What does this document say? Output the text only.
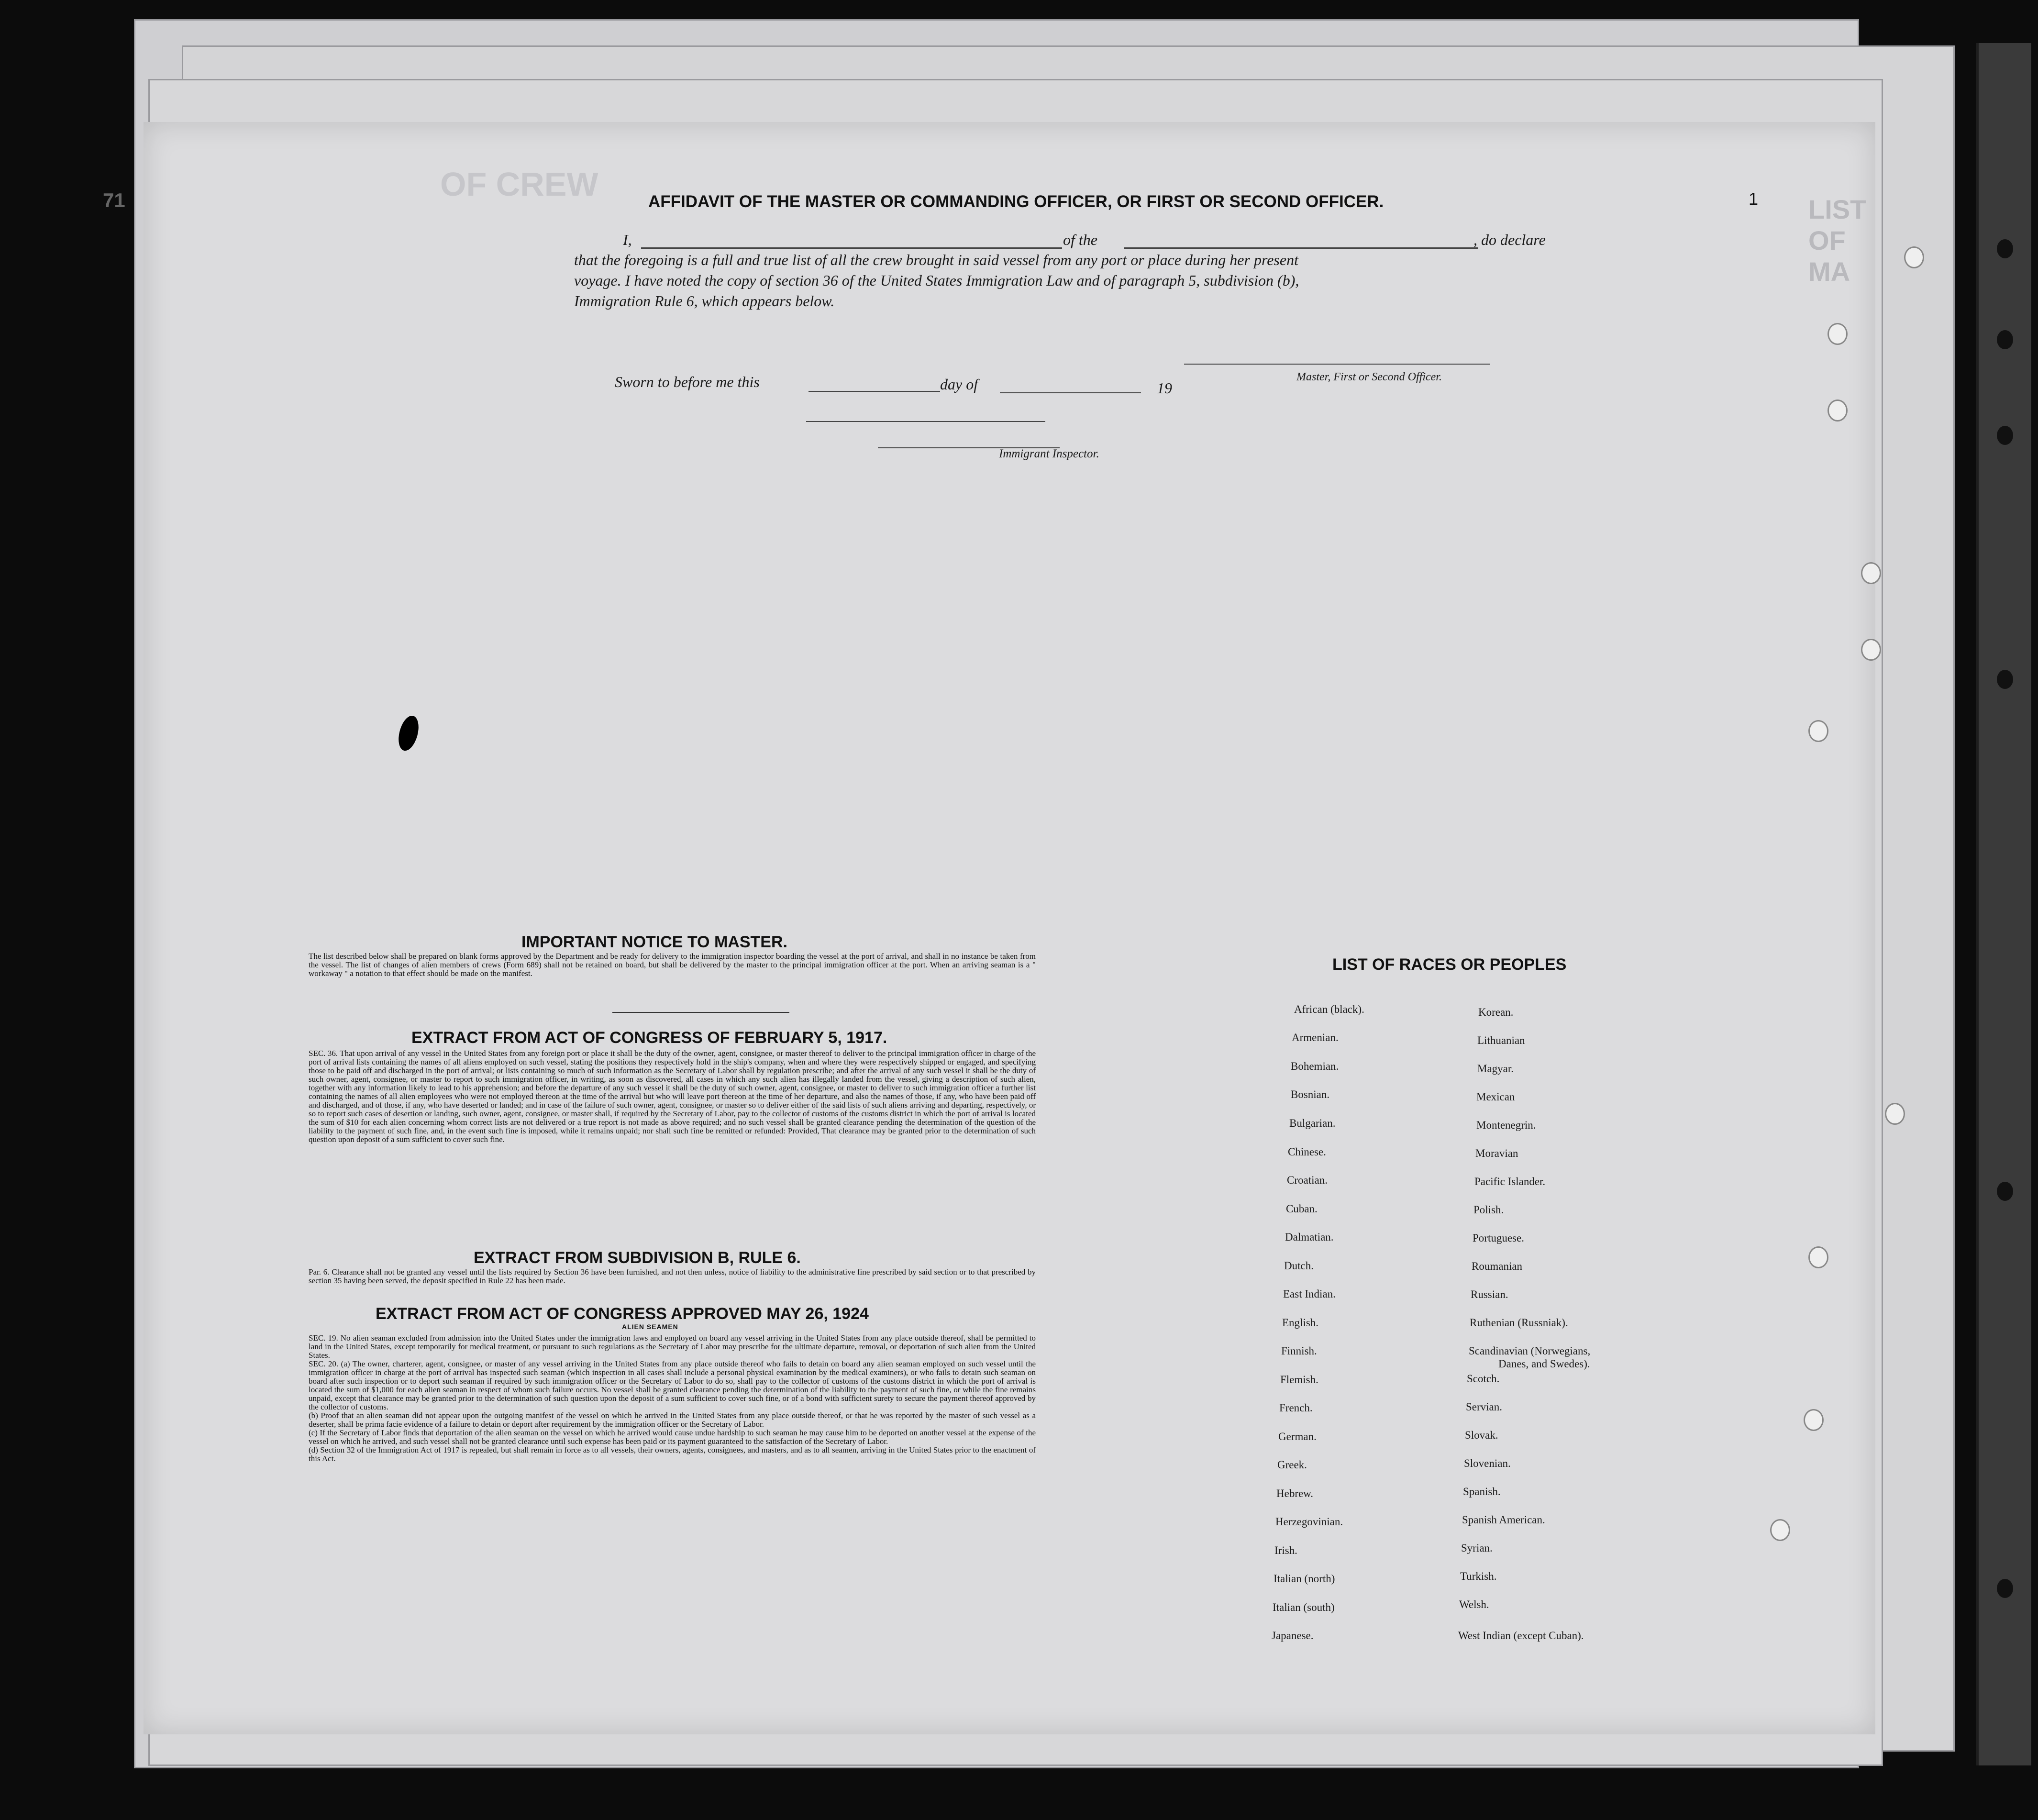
OF CREW
LIST OF MA
71	1
AFFIDAVIT OF THE MASTER OR COMMANDING OFFICER, OR FIRST OR SECOND OFFICER.
I,	of the	, do declare
that the foregoing is a full and true list of all the crew brought in said vessel from any port or place during her present
voyage. I have noted the copy of section 36 of the United States Immigration Law and of paragraph 5, subdivision (b),
Immigration Rule 6, which appears below.
Master, First or Second Officer.
Sworn to before me this	day of	19
Immigrant Inspector.
IMPORTANT NOTICE TO MASTER.

The list described below shall be prepared on blank forms approved by the Department and be ready for delivery to the immigration inspector boarding the vessel at the port of arrival, and shall in no instance be taken from the vessel. The list of changes of alien members of crews (Form 689) shall not be retained on board, but shall be delivered by the master to the principal immigration officer at the port. When an arriving seaman is a " workaway " a notation to that effect should be made on the manifest.

EXTRACT FROM ACT OF CONGRESS OF FEBRUARY 5, 1917.

SEC. 36. That upon arrival of any vessel in the United States from any foreign port or place it shall be the duty of the owner, agent, consignee, or master thereof to deliver to the principal immigration officer in charge of the port of arrival lists containing the names of all aliens employed on such vessel, stating the positions they respectively hold in the ship's company, when and where they were respectively shipped or engaged, and specifying those to be paid off and discharged in the port of arrival; or lists containing so much of such information as the Secretary of Labor shall by regulation prescribe; and after the arrival of any such vessel it shall be the duty of such owner, agent, consignee, or master to report to such immigration officer, in writing, as soon as discovered, all cases in which any such alien has illegally landed from the vessel, giving a description of such alien, together with any information likely to lead to his apprehension; and before the departure of any such vessel it shall be the duty of such owner, agent, consignee, or master to deliver to such immigration officer a further list containing the names of all alien employees who were not employed thereon at the time of the arrival but who will leave port thereon at the time of her departure, and also the names of those, if any, who have been paid off and discharged, and of those, if any, who have deserted or landed; and in case of the failure of such owner, agent, consignee, or master so to deliver either of the said lists of such aliens arriving and departing, respectively, or so to report such cases of desertion or landing, such owner, agent, consignee, or master shall, if required by the Secretary of Labor, pay to the collector of customs of the customs district in which the port of arrival is located the sum of $10 for each alien concerning whom correct lists are not delivered or a true report is not made as above required; and no such vessel shall be granted clearance pending the determination of the question of the liability to the payment of such fine, and, in the event such fine is imposed, while it remains unpaid; nor shall such fine be remitted or refunded: Provided, That clearance may be granted prior to the determination of such question upon deposit of a sum sufficient to cover such fine.

EXTRACT FROM SUBDIVISION B, RULE 6.

Par. 6. Clearance shall not be granted any vessel until the lists required by Section 36 have been furnished, and not then unless, notice of liability to the administrative fine prescribed by said section or to that prescribed by section 35 having been served, the deposit specified in Rule 22 has been made.

EXTRACT FROM ACT OF CONGRESS APPROVED MAY 26, 1924
ALIEN SEAMEN

SEC. 19. No alien seaman excluded from admission into the United States under the immigration laws and employed on board any vessel arriving in the United States from any place outside thereof, shall be permitted to land in the United States, except temporarily for medical treatment, or pursuant to such regulations as the Secretary of Labor may prescribe for the ultimate departure, removal, or deportation of such alien from the United States.

SEC. 20. (a) The owner, charterer, agent, consignee, or master of any vessel arriving in the United States from any place outside thereof who fails to detain on board any alien seaman employed on such vessel until the immigration officer in charge at the port of arrival has inspected such seaman (which inspection in all cases shall include a personal physical examination by the medical examiners), or who fails to detain such seaman on board after such inspection or to deport such seaman if required by such immigration officer or the Secretary of Labor to do so, shall pay to the collector of customs of the customs district in which the port of arrival is located the sum of $1,000 for each alien seaman in respect of whom such failure occurs. No vessel shall be granted clearance pending the determination of the liability to the payment of such fine, or while the fine remains unpaid, except that clearance may be granted prior to the determination of such question upon the deposit of a sum sufficient to cover such fine, or of a bond with sufficient surety to secure the payment thereof approved by the collector of customs.

(b) Proof that an alien seaman did not appear upon the outgoing manifest of the vessel on which he arrived in the United States from any place outside thereof, or that he was reported by the master of such vessel as a deserter, shall be prima facie evidence of a failure to detain or deport after requirement by the immigration officer or the Secretary of Labor.

(c) If the Secretary of Labor finds that deportation of the alien seaman on the vessel on which he arrived would cause undue hardship to such seaman he may cause him to be deported on another vessel at the expense of the vessel on which he arrived, and such vessel shall not be granted clearance until such expense has been paid or its payment guaranteed to the satisfaction of the Secretary of Labor.

(d) Section 32 of the Immigration Act of 1917 is repealed, but shall remain in force as to all vessels, their owners, agents, consignees, and masters, and as to all seamen, arriving in the United States prior to the enactment of this Act.

LIST OF RACES OR PEOPLES
African (black).
Armenian.
Bohemian.
Bosnian.
Bulgarian.
Chinese.
Croatian.
Cuban.
Dalmatian.
Dutch.
East Indian.
English.
Finnish.
Flemish.
French.
German.
Greek.
Hebrew.
Herzegovinian.
Irish.
Italian (north)
Italian (south)
Japanese.
Korean.
Lithuanian
Magyar.
Mexican
Montenegrin.
Moravian
Pacific Islander.
Polish.
Portuguese.
Roumanian
Russian.
Ruthenian (Russniak).
Scandinavian (Norwegians,
Danes, and Swedes).
Scotch.
Servian.
Slovak.
Slovenian.
Spanish.
Spanish American.
Syrian.
Turkish.
Welsh.
West Indian (except Cuban).
